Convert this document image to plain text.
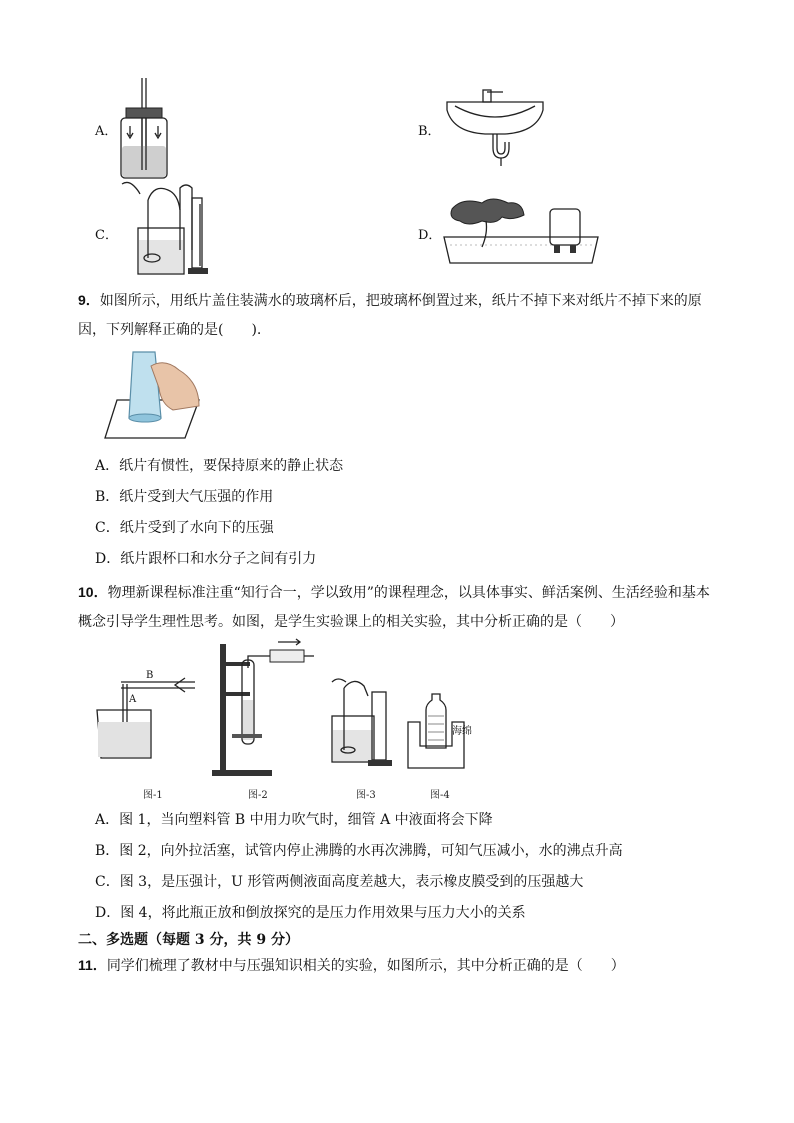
A．	B．
C．	D．
9．如图所示，用纸片盖住装满水的玻璃杯后，把玻璃杯倒置过来，纸片不掉下来对纸片不掉下来的原
因，下列解释正确的是(　　).
A．纸片有惯性，要保持原来的静止状态
B．纸片受到大气压强的作用
C．纸片受到了水向下的压强
D．纸片跟杯口和水分子之间有引力
10．物理新课程标准注重“知行合一，学以致用”的课程理念，以具体事实、鲜活案例、生活经验和基本
概念引导学生理性思考。如图，是学生实验课上的相关实验，其中分析正确的是（　　）
B
A
图-1	图-2	图-3
海绵
图-4
A．图 1，当向塑料管 B 中用力吹气时，细管 A 中液面将会下降
B．图 2，向外拉活塞，试管内停止沸腾的水再次沸腾，可知气压减小，水的沸点升高
C．图 3，是压强计，U 形管两侧液面高度差越大，表示橡皮膜受到的压强越大
D．图 4，将此瓶正放和倒放探究的是压力作用效果与压力大小的关系
二、多选题（每题 3 分，共 9 分）
11．同学们梳理了教材中与压强知识相关的实验，如图所示，其中分析正确的是（　　）
